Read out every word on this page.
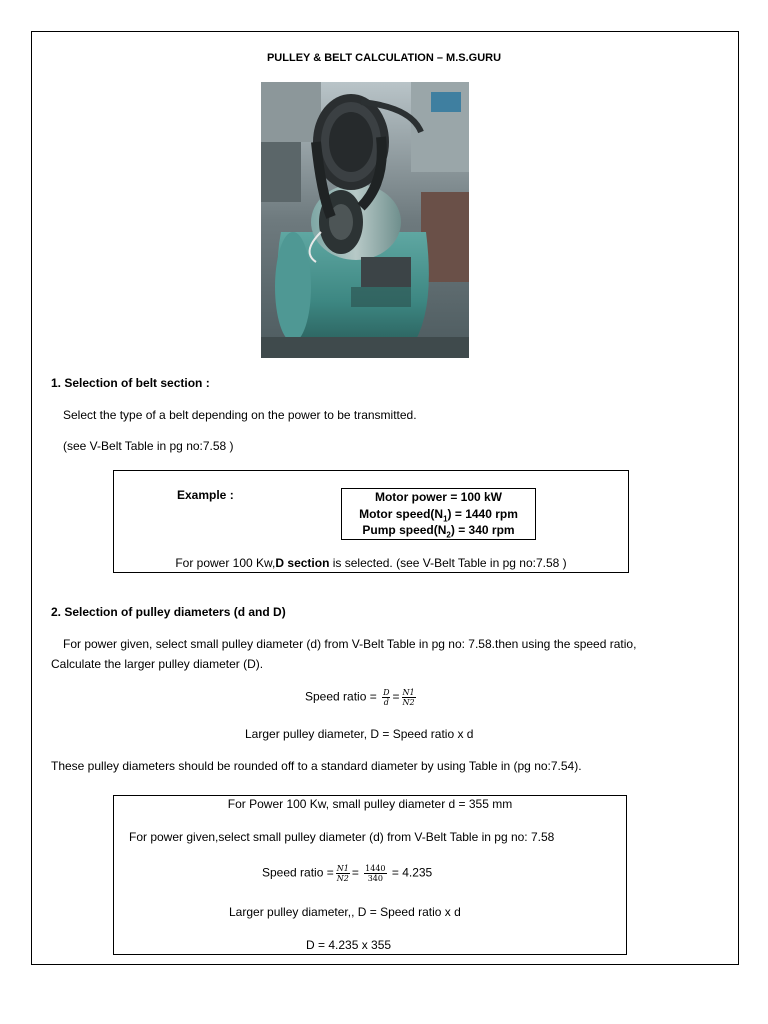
PULLEY & BELT CALCULATION – M.S.GURU
1. Selection of belt section :
Select the type of a belt depending on the power to be transmitted.
(see V-Belt Table in pg no:7.58 )
Example :	Motor power = 100 kW
Motor $speed(N_1) = 1440$ rpm
Pump $speed(N_2) = 340$ rpm
For power 100 Kw,D section is selected. (see V-Belt Table in pg no:7.58 )
2. Selection of pulley diameters (d and D)
For power given, select small pulley diameter (d) from V-Belt Table in pg no: 7.58.then using the speed ratio,
Calculate the larger pulley diameter (D).
Speed ratio = $\frac{D}{d} = \frac{N1}{N2}$
Larger pulley diameter, D = Speed ratio x d
These pulley diameters should be rounded off to a standard diameter by using Table in (pg no:7.54).
For Power 100 Kw, small pulley diameter d = 355 mm
For power given,select small pulley diameter (d) from V-Belt Table in pg no: 7.58
Speed ratio = $\frac{N1}{N2} = \frac{1440}{340} = 4.235$
Larger pulley diameter,, D = Speed ratio x d
D = 4.235 x 355
